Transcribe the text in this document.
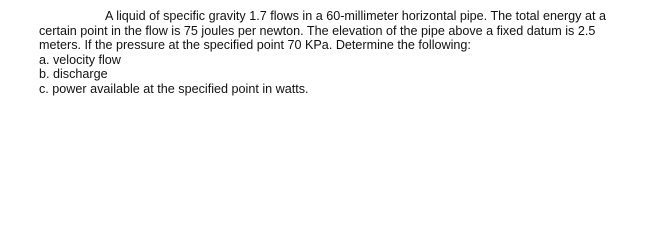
A liquid of specific gravity 1.7 flows in a 60-millimeter horizontal pipe. The total energy at a
certain point in the flow is 75 joules per newton. The elevation of the pipe above a fixed datum is 2.5
meters. If the pressure at the specified point 70 KPa. Determine the following:
a. velocity flow
b. discharge
c. power available at the specified point in watts.
